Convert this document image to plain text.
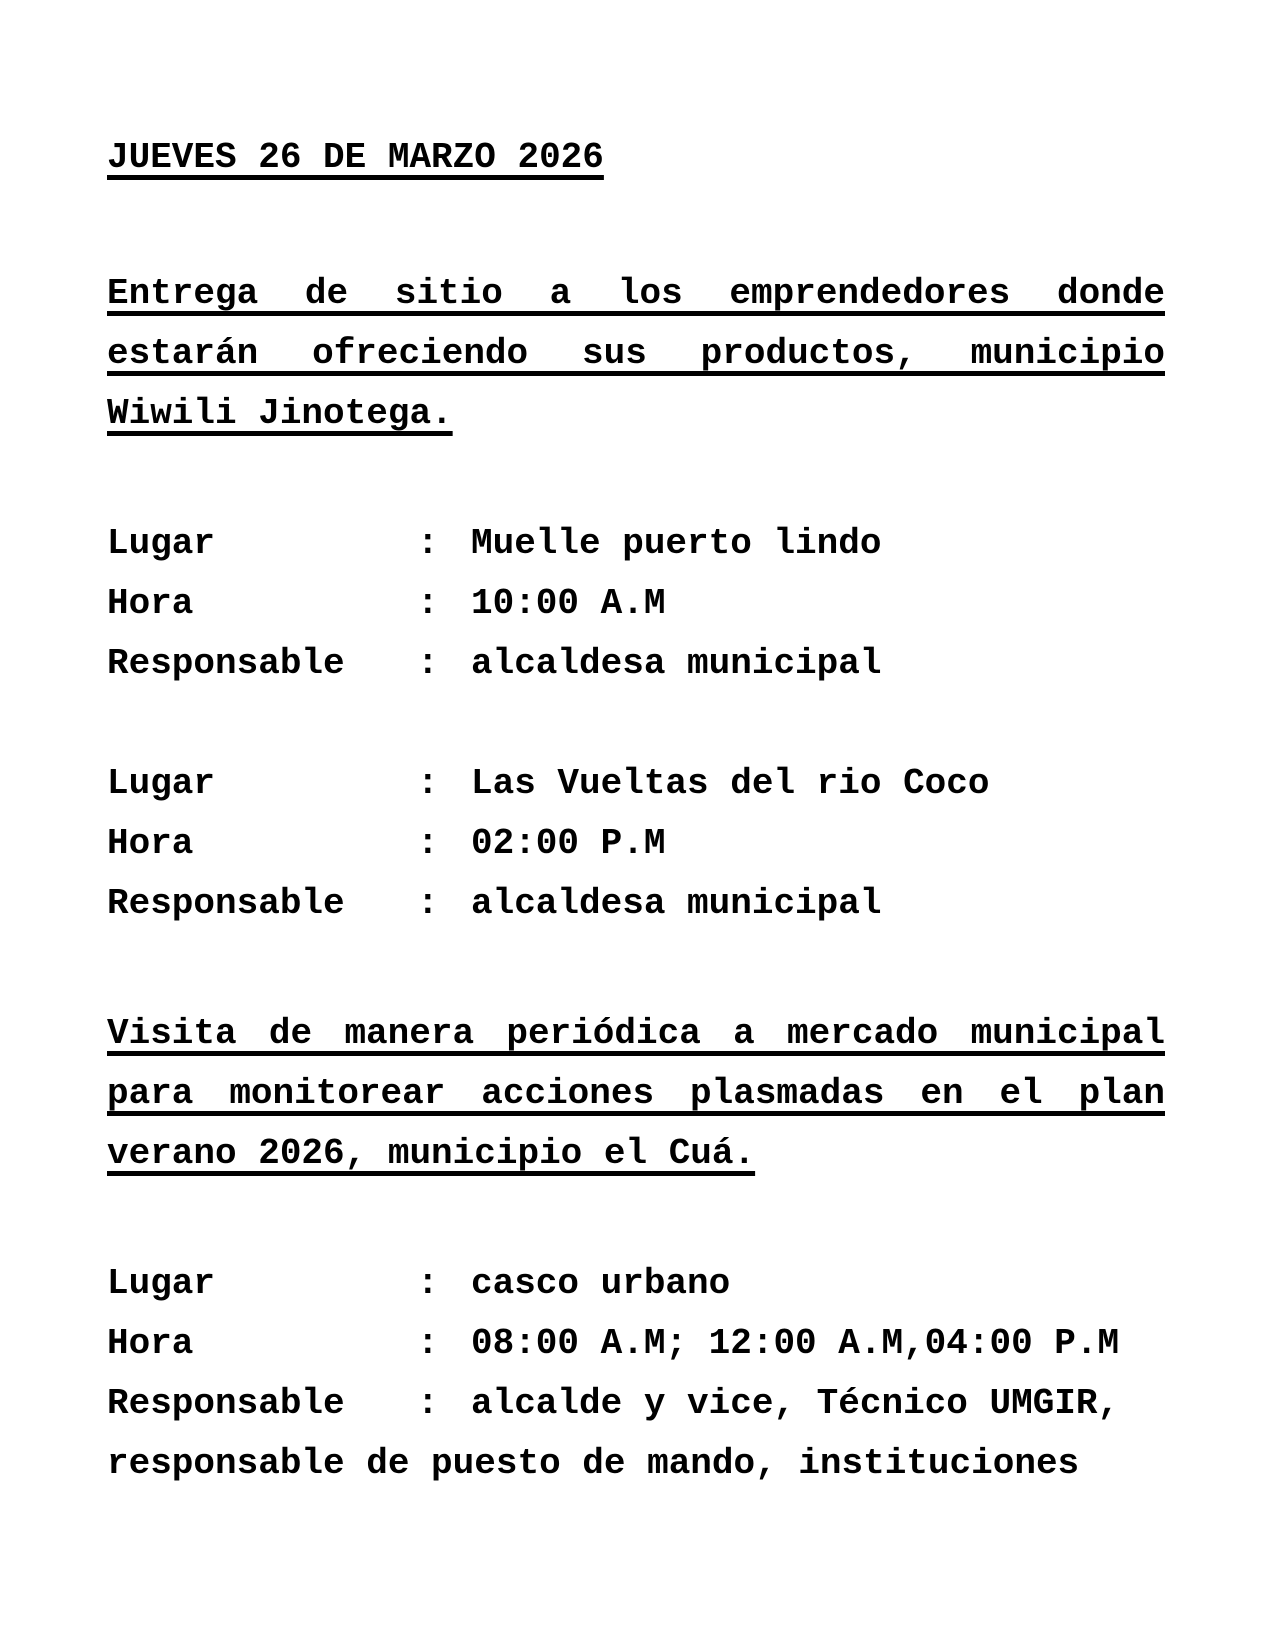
JUEVES 26 DE MARZO 2026
Entrega de sitio a los emprendedores donde
estarán ofreciendo sus productos, municipio
Wiwili Jinotega.
Lugar	: Muelle puerto lindo
Hora	: 10:00 A.M
Responsable	: alcaldesa municipal
Lugar	: Las Vueltas del rio Coco
Hora	: 02:00 P.M
Responsable	: alcaldesa municipal
Visita de manera periódica a mercado municipal
para monitorear acciones plasmadas en el plan
verano 2026, municipio el Cuá.
Lugar	: casco urbano
Hora	: 08:00 A.M; 12:00 A.M,04:00 P.M
Responsable	: alcalde y vice, Técnico UMGIR,
responsable de puesto de mando, instituciones
